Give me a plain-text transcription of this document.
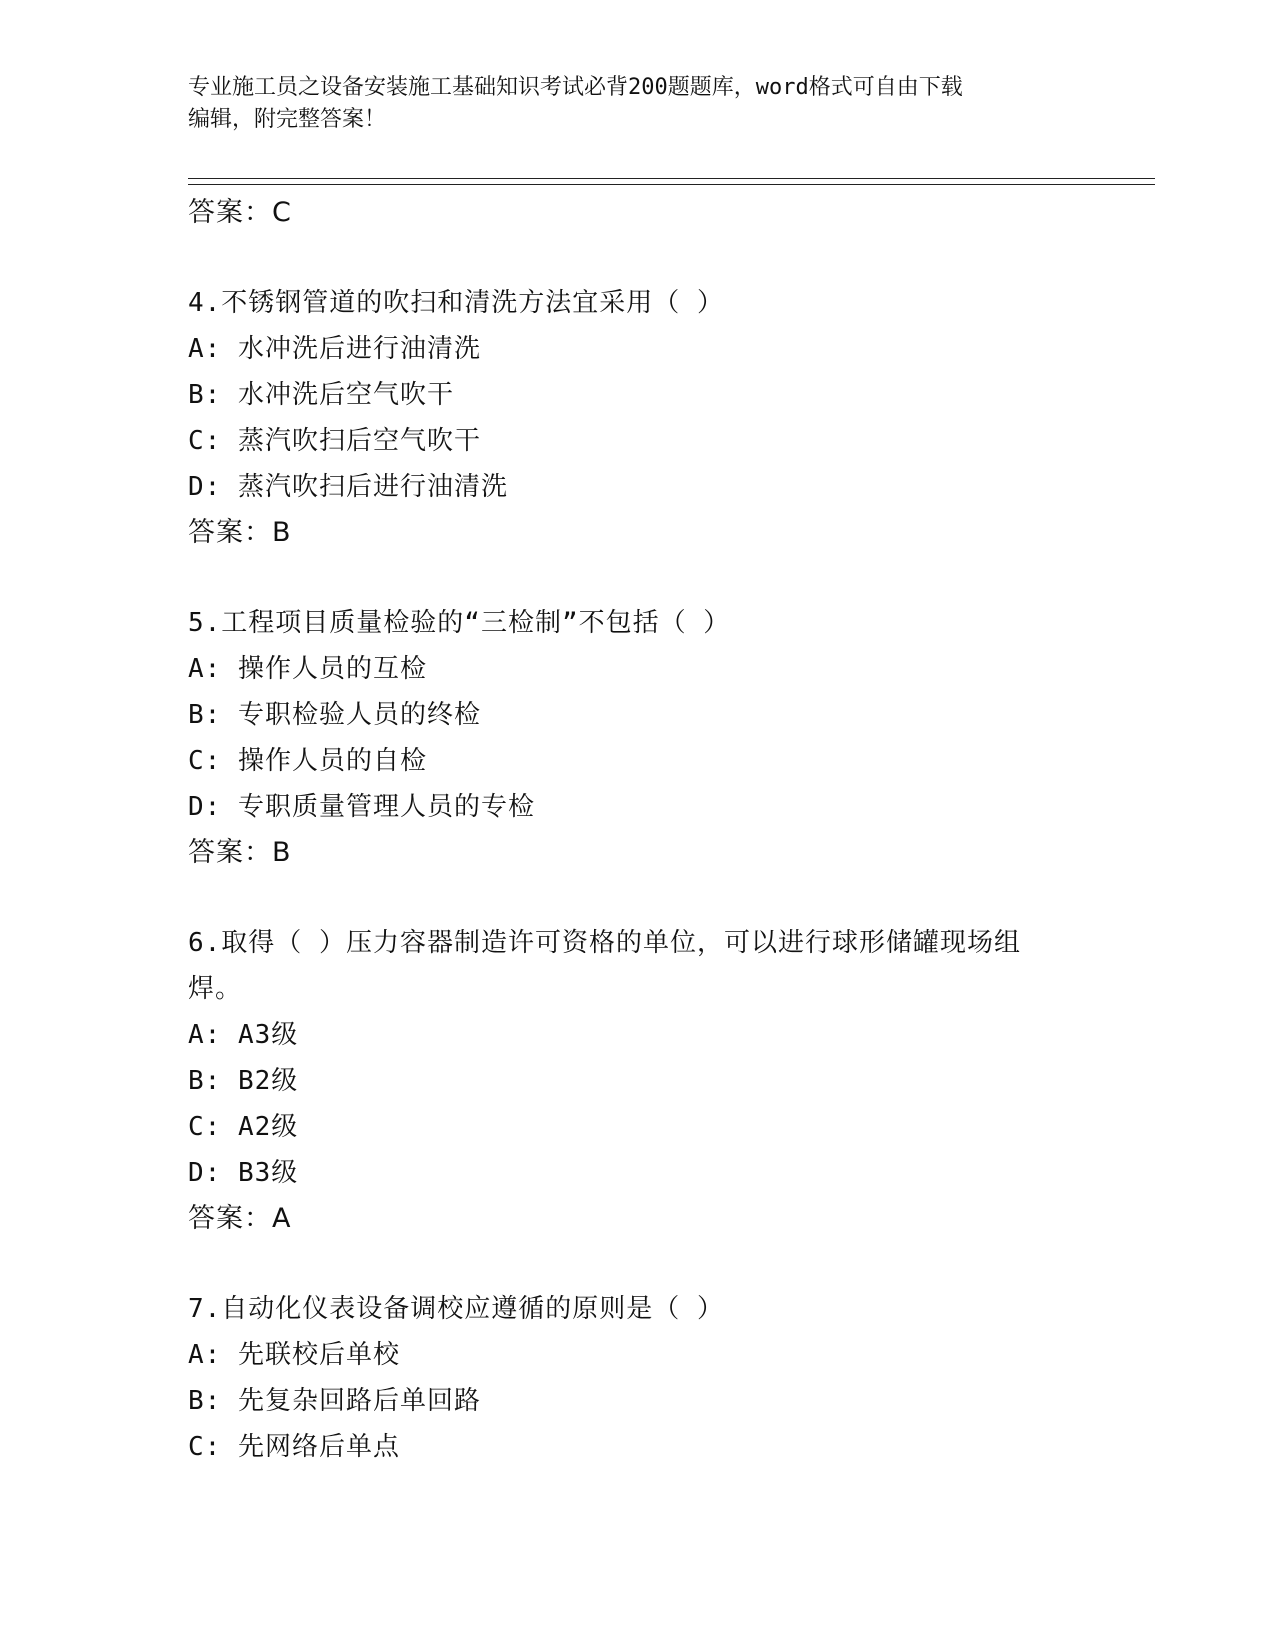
专业施工员之设备安装施工基础知识考试必背200题题库，word格式可自由下载
编辑，附完整答案！
答案：C
4.不锈钢管道的吹扫和清洗方法宜采用（ ）
A: 水冲洗后进行油清洗
B: 水冲洗后空气吹干
C: 蒸汽吹扫后空气吹干
D: 蒸汽吹扫后进行油清洗
答案：B
5.工程项目质量检验的“三检制”不包括（ ）
A: 操作人员的互检
B: 专职检验人员的终检
C: 操作人员的自检
D: 专职质量管理人员的专检
答案：B
6.取得（ ）压力容器制造许可资格的单位，可以进行球形储罐现场组
焊。
A: A3级
B: B2级
C: A2级
D: B3级
答案：A
7.自动化仪表设备调校应遵循的原则是（ ）
A: 先联校后单校
B: 先复杂回路后单回路
C: 先网络后单点
